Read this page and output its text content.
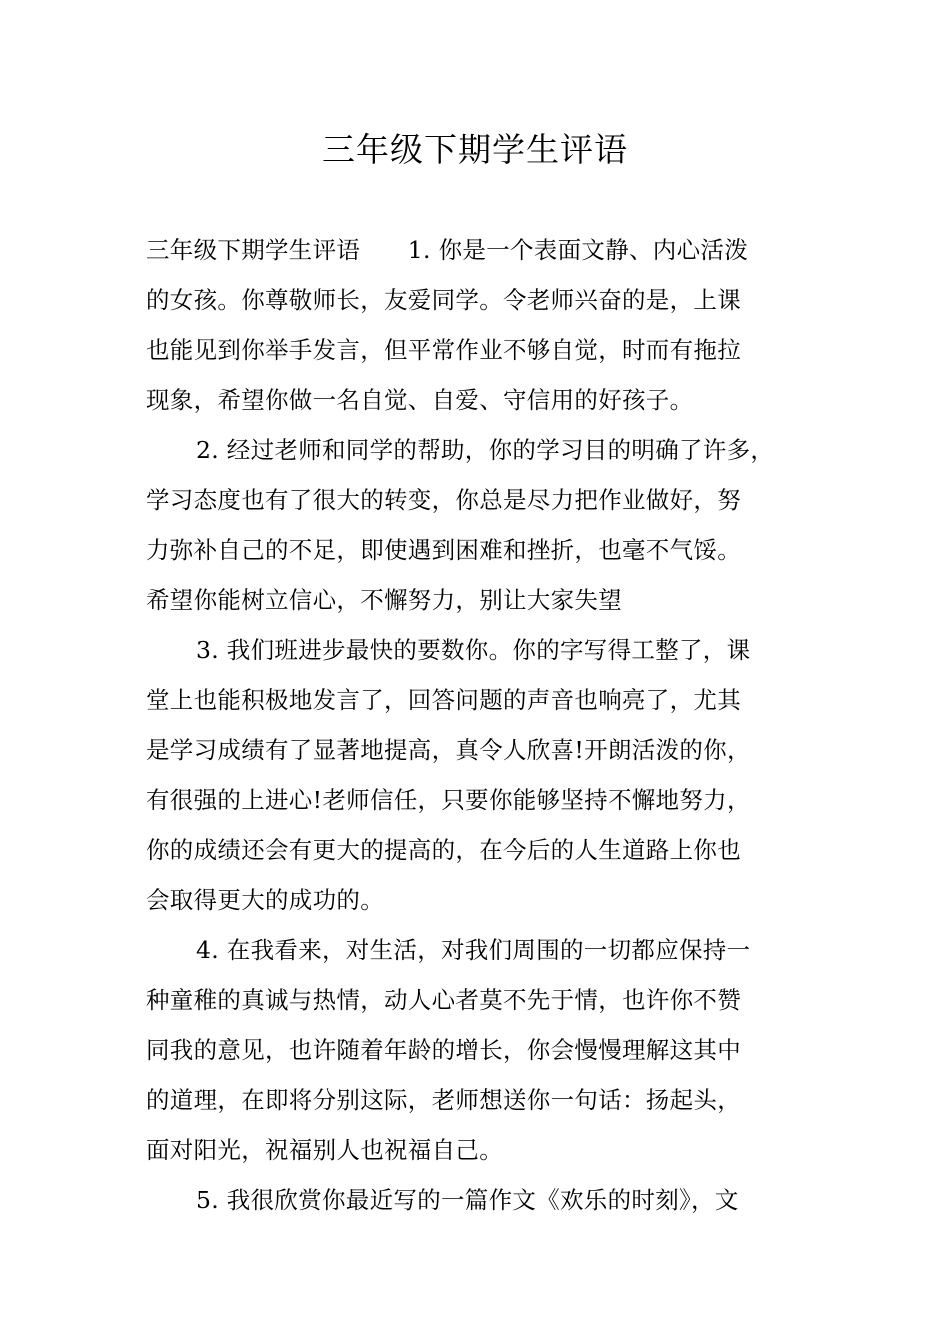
三年级下期学生评语
三年级下期学生评语　　1. 你是一个表面文静、内心活泼
的女孩。你尊敬师长，友爱同学。令老师兴奋的是，上课
也能见到你举手发言，但平常作业不够自觉，时而有拖拉
现象，希望你做一名自觉、自爱、守信用的好孩子。
2. 经过老师和同学的帮助，你的学习目的明确了许多，
学习态度也有了很大的转变，你总是尽力把作业做好，努
力弥补自己的不足，即使遇到困难和挫折，也毫不气馁。
希望你能树立信心，不懈努力，别让大家失望
3. 我们班进步最快的要数你。你的字写得工整了，课
堂上也能积极地发言了，回答问题的声音也响亮了，尤其
是学习成绩有了显著地提高，真令人欣喜!开朗活泼的你，
有很强的上进心!老师信任，只要你能够坚持不懈地努力，
你的成绩还会有更大的提高的，在今后的人生道路上你也
会取得更大的成功的。
4. 在我看来，对生活，对我们周围的一切都应保持一
种童稚的真诚与热情，动人心者莫不先于情，也许你不赞
同我的意见，也许随着年龄的增长，你会慢慢理解这其中
的道理，在即将分别这际，老师想送你一句话：扬起头，
面对阳光，祝福别人也祝福自己。
5. 我很欣赏你最近写的一篇作文《欢乐的时刻》，文
